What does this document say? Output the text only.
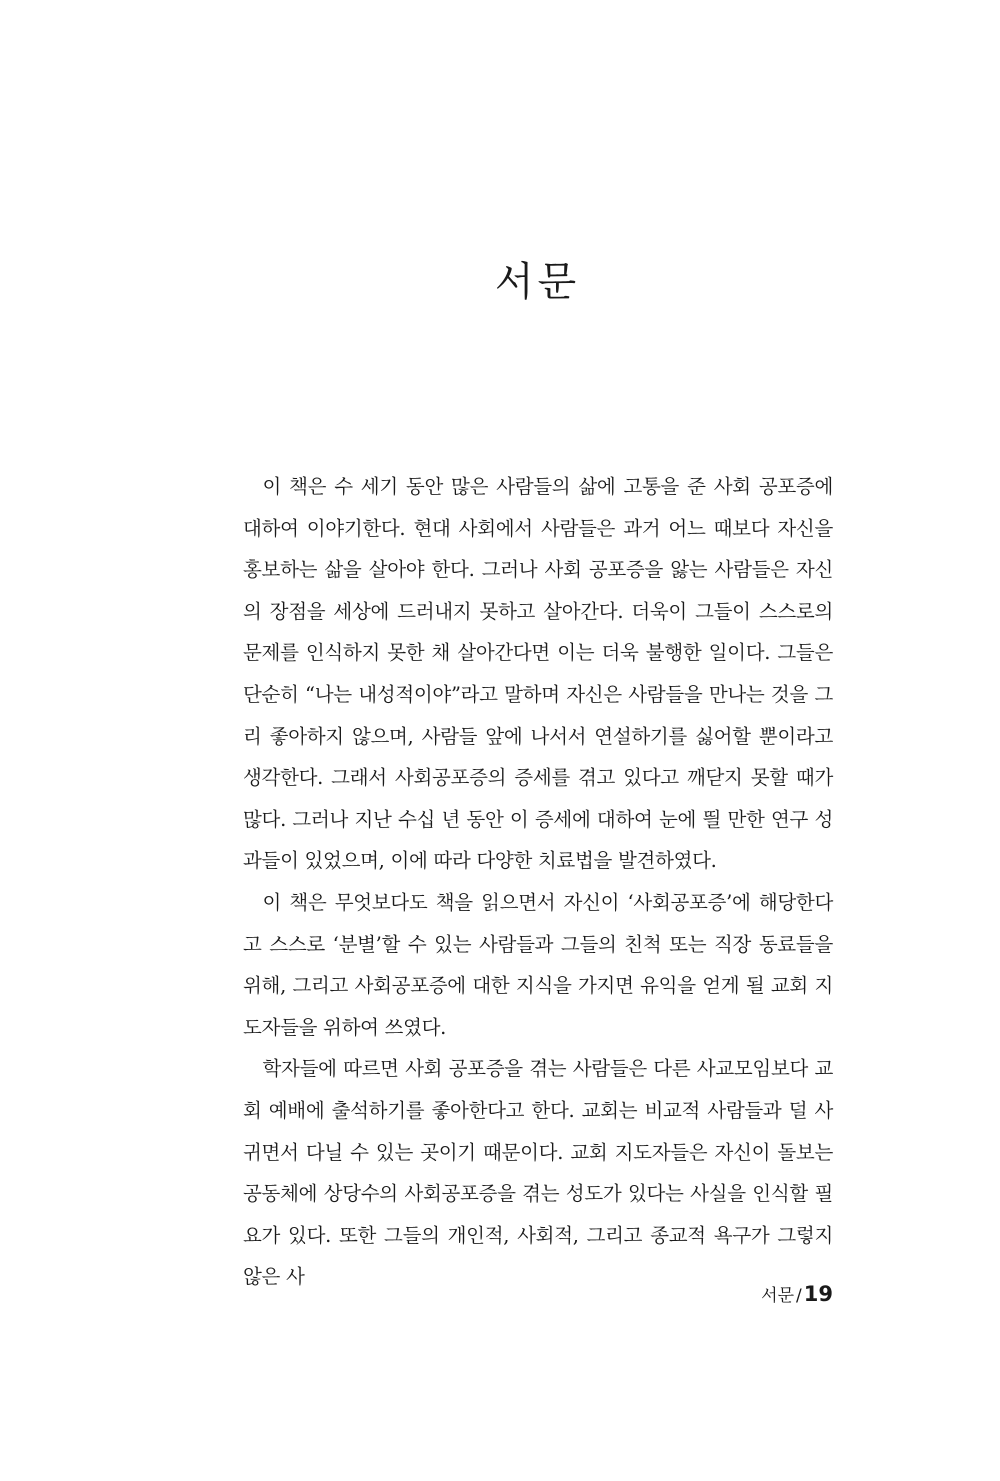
서문

이 책은 수 세기 동안 많은 사람들의 삶에 고통을 준 사회 공포증에 대하여 이야기한다. 현대 사회에서 사람들은 과거 어느 때보다 자신을 홍보하는 삶을 살아야 한다. 그러나 사회 공포증을 앓는 사람들은 자신의 장점을 세상에 드러내지 못하고 살아간다. 더욱이 그들이 스스로의 문제를 인식하지 못한 채 살아간다면 이는 더욱 불행한 일이다. 그들은 단순히 “나는 내성적이야”라고 말하며 자신은 사람들을 만나는 것을 그리 좋아하지 않으며, 사람들 앞에 나서서 연설하기를 싫어할 뿐이라고 생각한다. 그래서 사회공포증의 증세를 겪고 있다고 깨닫지 못할 때가 많다. 그러나 지난 수십 년 동안 이 증세에 대하여 눈에 띌 만한 연구 성과들이 있었으며, 이에 따라 다양한 치료법을 발견하였다.

이 책은 무엇보다도 책을 읽으면서 자신이 ‘사회공포증’에 해당한다고 스스로 ‘분별’할 수 있는 사람들과 그들의 친척 또는 직장 동료들을 위해, 그리고 사회공포증에 대한 지식을 가지면 유익을 얻게 될 교회 지도자들을 위하여 쓰였다.

학자들에 따르면 사회 공포증을 겪는 사람들은 다른 사교모임보다 교회 예배에 출석하기를 좋아한다고 한다. 교회는 비교적 사람들과 덜 사귀면서 다닐 수 있는 곳이기 때문이다. 교회 지도자들은 자신이 돌보는 공동체에 상당수의 사회공포증을 겪는 성도가 있다는 사실을 인식할 필요가 있다. 또한 그들의 개인적, 사회적, 그리고 종교적 욕구가 그렇지 않은 사

서문 /19
